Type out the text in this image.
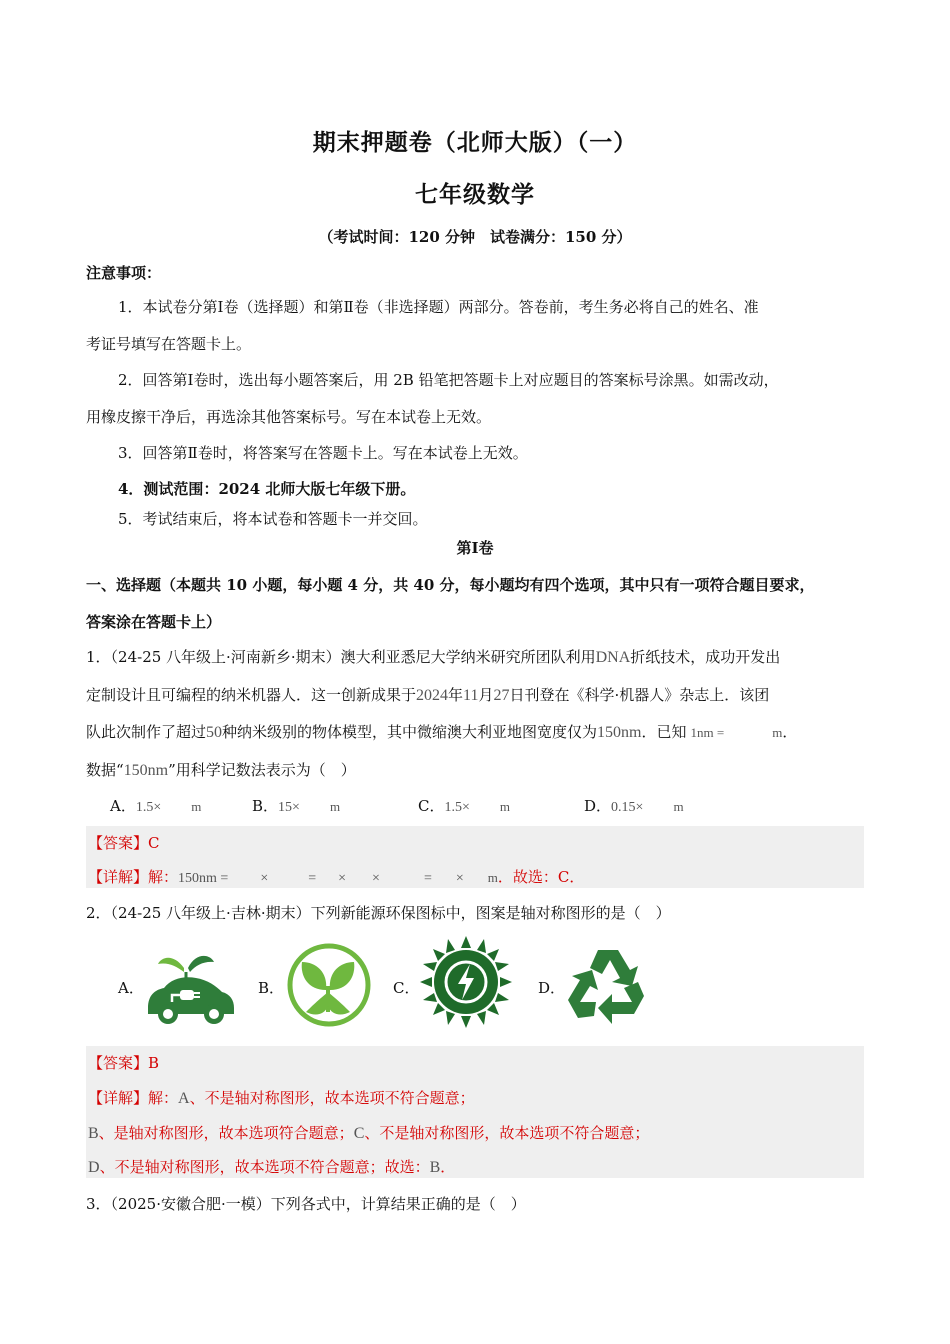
期末押题卷（北师大版）（一）
七年级数学
（考试时间：120 分钟　试卷满分：150 分）
注意事项：
1．本试卷分第Ⅰ卷（选择题）和第Ⅱ卷（非选择题）两部分。答卷前，考生务必将自己的姓名、准
考证号填写在答题卡上。
2．回答第Ⅰ卷时，选出每小题答案后，用 2B 铅笔把答题卡上对应题目的答案标号涂黑。如需改动，
用橡皮擦干净后，再选涂其他答案标号。写在本试卷上无效。
3．回答第Ⅱ卷时，将答案写在答题卡上。写在本试卷上无效。
4．测试范围：2024 北师大版七年级下册。
5．考试结束后，将本试卷和答题卡一并交回。
第Ⅰ卷
一、选择题（本题共 10 小题，每小题 4 分，共 40 分，每小题均有四个选项，其中只有一项符合题目要求，
答案涂在答题卡上）
1．（24-25 八年级上·河南新乡·期末）澳大利亚悉尼大学纳米研究所团队利用DNA折纸技术，成功开发出
定制设计且可编程的纳米机器人．这一创新成果于2024年11月27日刊登在《科学·机器人》杂志上．该团
队此次制作了超过50种纳米级别的物体模型，其中微缩澳大利亚地图宽度仅为150nm．已知 1nm =	m．
数据“150nm”用科学记数法表示为（　）
A．1.5× m	B．15× m	C．1.5× m	D．0.15× m
【答案】C
【详解】解：150nm = ×	= × ×	= × m．故选：C．
2．（24-25 八年级上·吉林·期末）下列新能源环保图标中，图案是轴对称图形的是（　）
A．	B．	C．	D．
【答案】B
【详解】解：A、不是轴对称图形，故本选项不符合题意；
B、是轴对称图形，故本选项符合题意；C、不是轴对称图形，故本选项不符合题意；
D、不是轴对称图形，故本选项不符合题意；故选：B．
3．（2025·安徽合肥·一模）下列各式中，计算结果正确的是（　）
